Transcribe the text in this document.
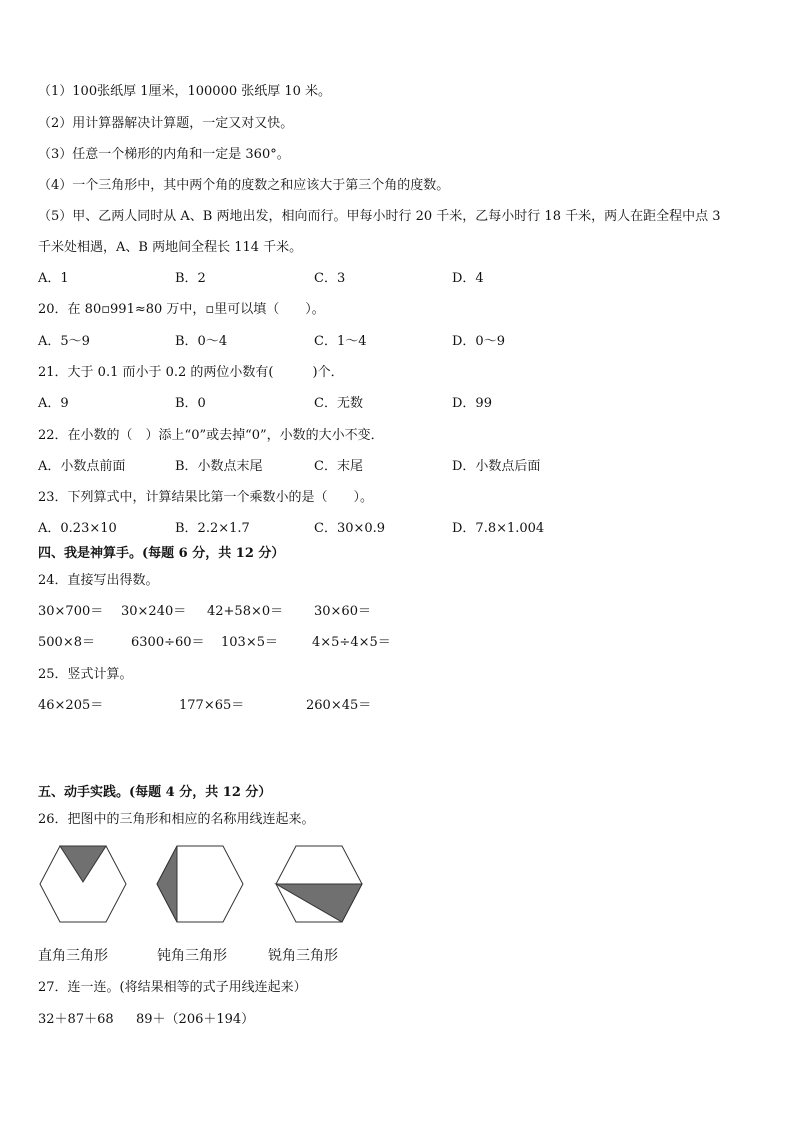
（1）100张纸厚 1厘米，100000 张纸厚 10 米。
（2）用计算器解决计算题，一定又对又快。
（3）任意一个梯形的内角和一定是 360°。
（4）一个三角形中，其中两个角的度数之和应该大于第三个角的度数。
（5）甲、乙两人同时从 A、B 两地出发，相向而行。甲每小时行 20 千米，乙每小时行 18 千米，两人在距全程中点 3
千米处相遇，A、B 两地间全程长 114 千米。
A．1	B．2	C．3	D．4
20．在 80▫991≈80 万中，▫里可以填（　　）。
A．5～9	B．0～4	C．1～4	D．0～9
21．大于 0.1 而小于 0.2 的两位小数有(　　　)个．
A．9	B．0	C．无数	D．99
22．在小数的（　）添上“0”或去掉“0”，小数的大小不变．
A．小数点前面	B．小数点末尾	C．末尾	D．小数点后面
23．下列算式中，计算结果比第一个乘数小的是（　　）。
A．0.23×10	B．2.2×1.7	C．30×0.9	D．7.8×1.004
四、我是神算手。(每题 6 分，共 12 分）
24．直接写出得数。
30×700＝ 30×240＝ 42+58×0＝ 30×60＝
500×8＝	6300÷60＝ 103×5＝	4×5÷4×5＝
25．竖式计算。
46×205＝	177×65＝	260×45＝
五、动手实践。(每题 4 分，共 12 分）
26．把图中的三角形和相应的名称用线连起来。
直角三角形	钝角三角形	锐角三角形
27．连一连。(将结果相等的式子用线连起来）
32＋87＋68 89＋（206＋194）
